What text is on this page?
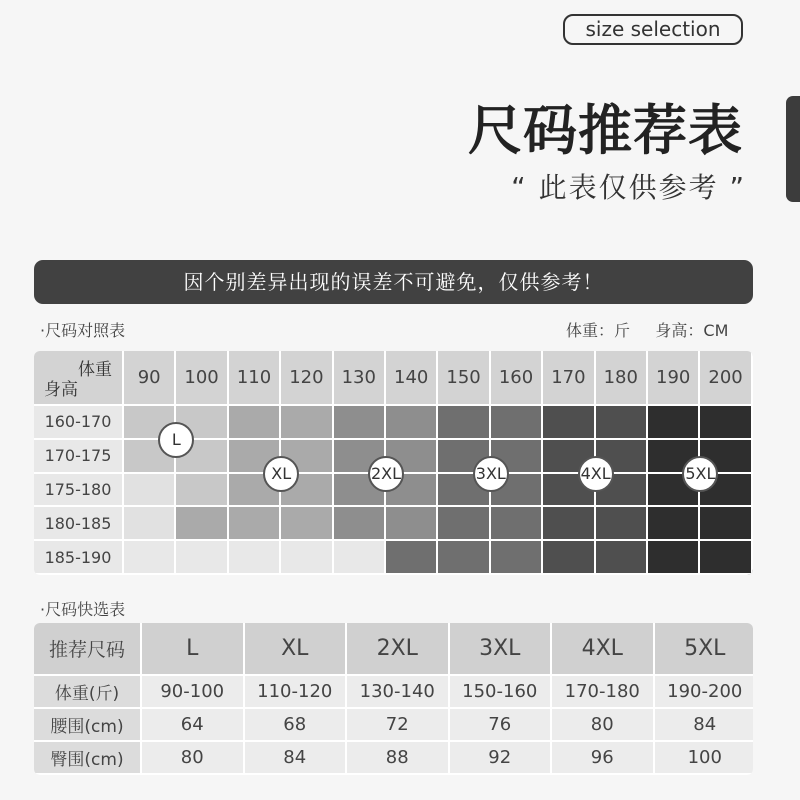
size selection
尺码推荐表
“ 此表仅供参考 ”
因个别差异出现的误差不可避免，仅供参考！
·尺码对照表	体重：斤     身高：CM
体重
身高
90	100	110	120	130	140	150	160	170	180	190	200
160-170
170-175
175-180
180-185
185-190
L
XL	2XL	3XL	4XL	5XL
·尺码快选表
推荐尺码	L	XL	2XL	3XL	4XL	5XL
体重(斤)	90-100	110-120	130-140	150-160	170-180	190-200
腰围(cm)	64	68	72	76	80	84
臀围(cm)	80	84	88	92	96	100
